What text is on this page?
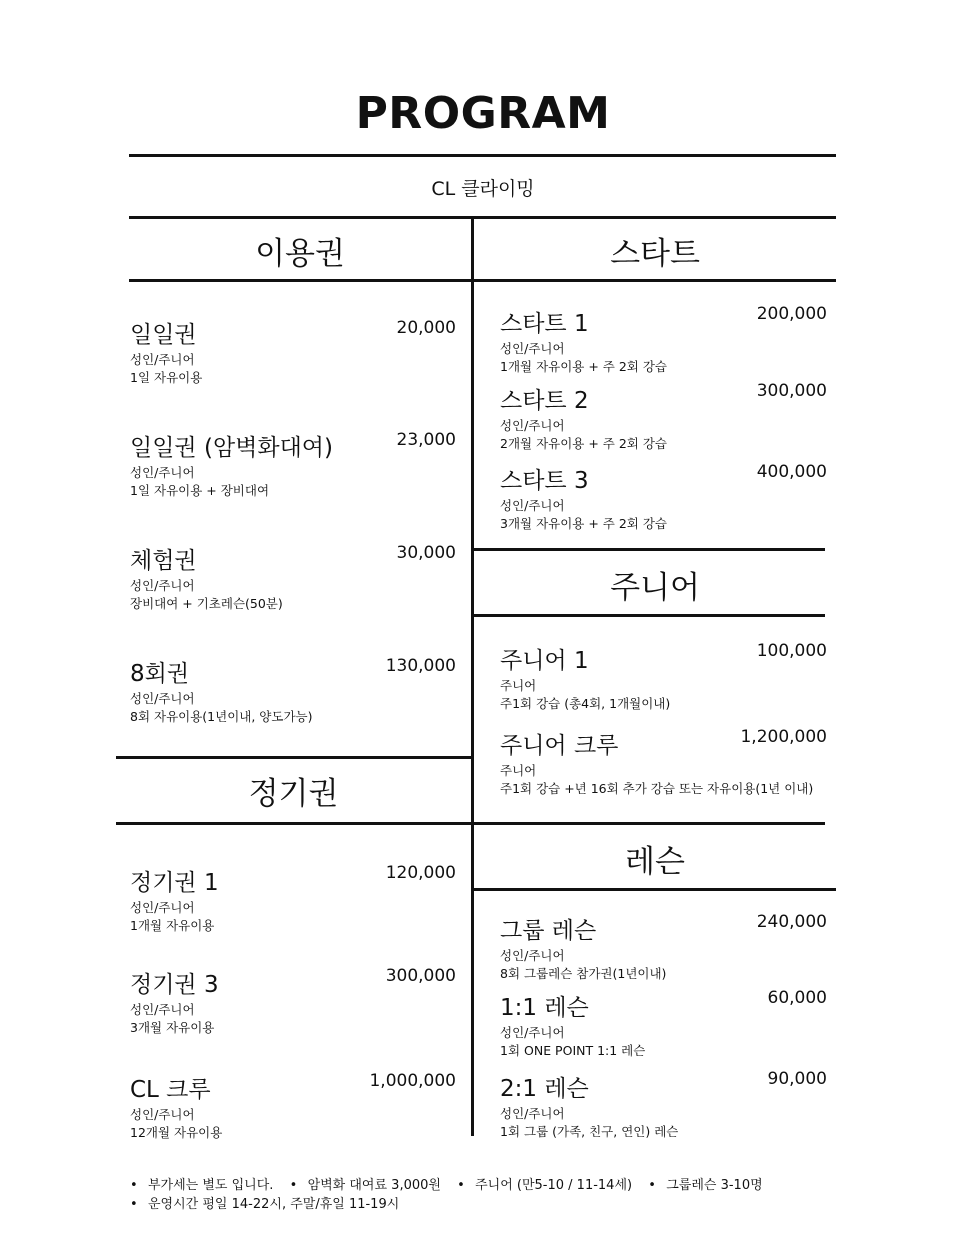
PROGRAM
CL 클라이밍
이용권	스타트
일일권
성인/주니어
1일 자유이용
20,000
일일권 (암벽화대여)
성인/주니어
1일 자유이용 + 장비대여
23,000
체험권
성인/주니어
장비대여 + 기초레슨(50분)
30,000
8회권
성인/주니어
8회 자유이용(1년이내, 양도가능)
130,000
정기권
정기권 1
성인/주니어
1개월 자유이용
120,000
정기권 3
성인/주니어
3개월 자유이용
300,000
CL 크루
성인/주니어
12개월 자유이용
1,000,000
스타트 1
성인/주니어
1개월 자유이용 + 주 2회 강습
200,000
스타트 2
성인/주니어
2개월 자유이용 + 주 2회 강습
300,000
스타트 3
성인/주니어
3개월 자유이용 + 주 2회 강습
400,000
주니어
주니어 1
주니어
주1회 강습 (총4회, 1개월이내)
100,000
주니어 크루
주니어
주1회 강습 +년 16회 추가 강습 또는 자유이용(1년 이내)
1,200,000
레슨
그룹 레슨
성인/주니어
8회 그룹레슨 참가권(1년이내)
240,000
1:1 레슨
성인/주니어
1회 ONE POINT 1:1 레슨
60,000
2:1 레슨
성인/주니어
1회 그룹 (가족, 친구, 연인) 레슨
90,000
• 부가세는 별도 입니다. • 암벽화 대여료 3,000원 • 주니어 (만5-10 / 11-14세) • 그룹레슨 3-10명
• 운영시간 평일 14-22시, 주말/휴일 11-19시
